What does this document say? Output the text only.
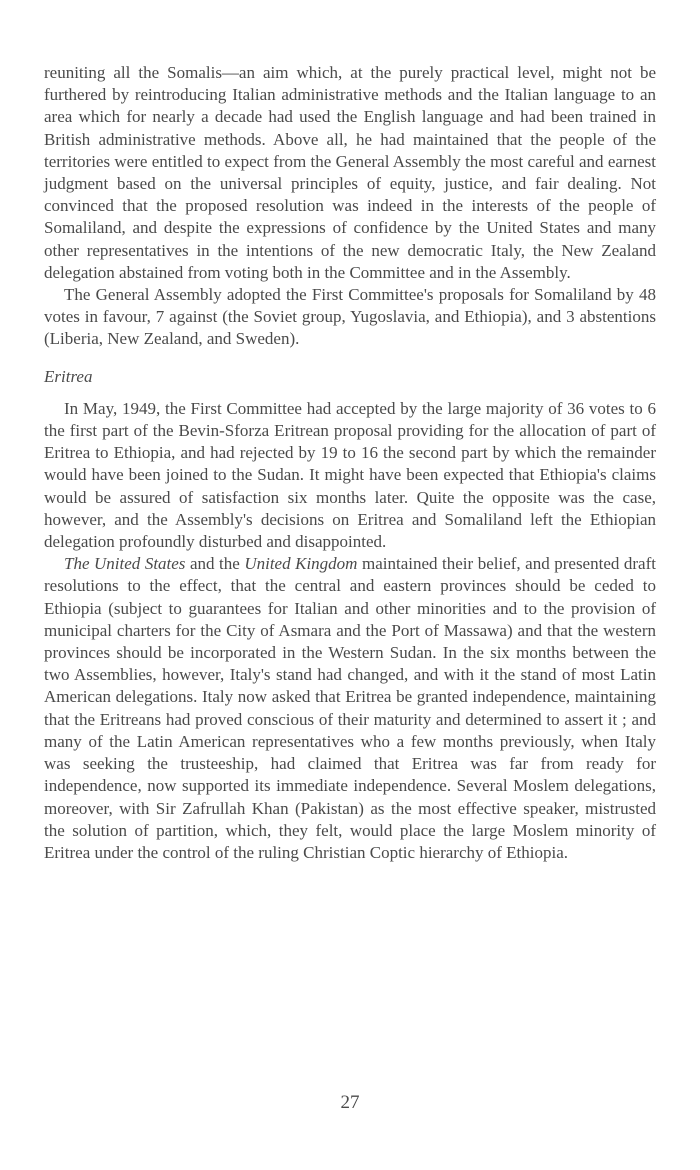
reuniting all the Somalis—an aim which, at the purely practical level, might not be furthered by reintroducing Italian administrative methods and the Italian language to an area which for nearly a decade had used the English language and had been trained in British administrative methods. Above all, he had maintained that the people of the territories were entitled to expect from the General Assembly the most careful and earnest judgment based on the universal principles of equity, justice, and fair dealing. Not convinced that the proposed resolution was indeed in the interests of the people of Somaliland, and despite the expressions of confidence by the United States and many other representatives in the intentions of the new democratic Italy, the New Zealand delegation abstained from voting both in the Committee and in the Assembly.

The General Assembly adopted the First Committee's proposals for Somaliland by 48 votes in favour, 7 against (the Soviet group, Yugoslavia, and Ethiopia), and 3 abstentions (Liberia, New Zealand, and Sweden).

Eritrea

In May, 1949, the First Committee had accepted by the large majority of 36 votes to 6 the first part of the Bevin-Sforza Eritrean proposal providing for the allocation of part of Eritrea to Ethiopia, and had rejected by 19 to 16 the second part by which the remainder would have been joined to the Sudan. It might have been expected that Ethiopia's claims would be assured of satisfaction six months later. Quite the opposite was the case, however, and the Assembly's decisions on Eritrea and Somaliland left the Ethiopian delegation profoundly disturbed and disappointed.

The United States and the United Kingdom maintained their belief, and presented draft resolutions to the effect, that the central and eastern provinces should be ceded to Ethiopia (subject to guarantees for Italian and other minorities and to the provision of municipal charters for the City of Asmara and the Port of Massawa) and that the western provinces should be incorporated in the Western Sudan. In the six months between the two Assemblies, however, Italy's stand had changed, and with it the stand of most Latin American delegations. Italy now asked that Eritrea be granted independence, maintaining that the Eritreans had proved conscious of their maturity and determined to assert it ; and many of the Latin American representatives who a few months previously, when Italy was seeking the trusteeship, had claimed that Eritrea was far from ready for independence, now supported its immediate independence. Several Moslem delegations, moreover, with Sir Zafrullah Khan (Pakistan) as the most effective speaker, mistrusted the solution of partition, which, they felt, would place the large Moslem minority of Eritrea under the control of the ruling Christian Coptic hierarchy of Ethiopia.

27
